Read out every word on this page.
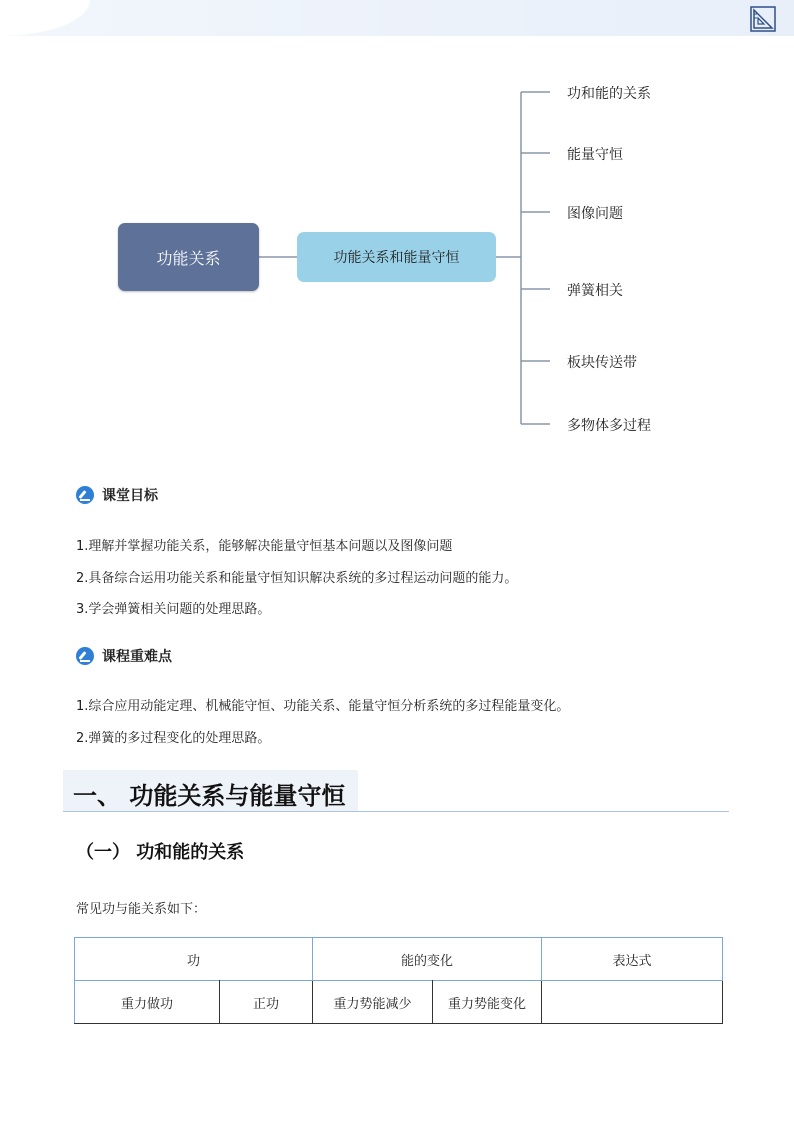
功能关系	功能关系和能量守恒
功和能的关系
能量守恒
图像问题
弹簧相关
板块传送带
多物体多过程
课堂目标
1.理解并掌握功能关系，能够解决能量守恒基本问题以及图像问题
2.具备综合运用功能关系和能量守恒知识解决系统的多过程运动问题的能力。
3.学会弹簧相关问题的处理思路。
课程重难点
1.综合应用动能定理、机械能守恒、功能关系、能量守恒分析系统的多过程能量变化。
2.弹簧的多过程变化的处理思路。
一、 功能关系与能量守恒
（一） 功和能的关系
常见功与能关系如下：
功		能的变化		表达式
重力做功	正功	重力势能减少	重力势能变化	
